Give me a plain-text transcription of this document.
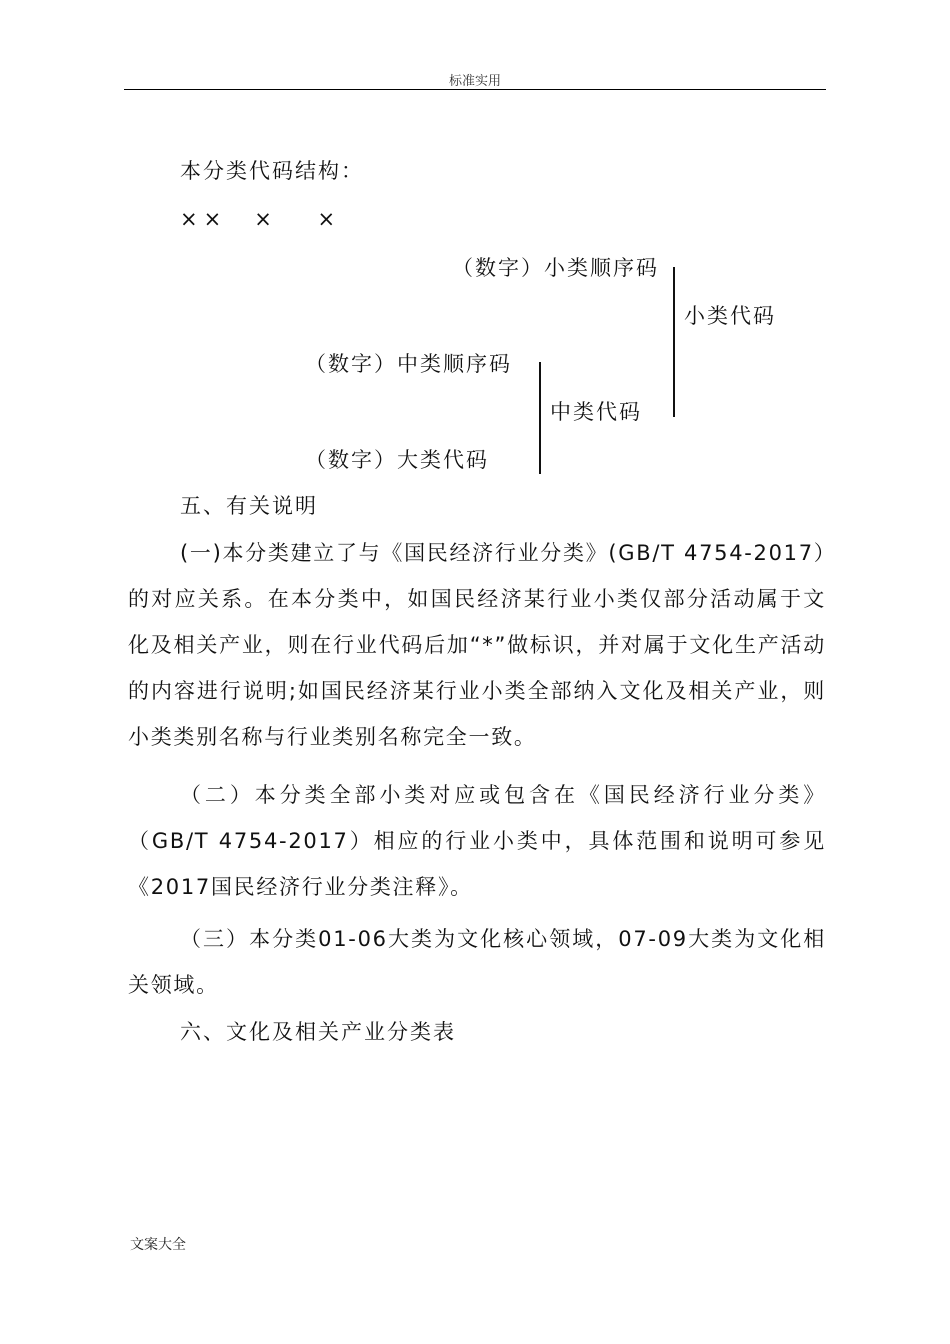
标准实用
本分类代码结构：
××　×　 ×
（数字）小类顺序码
小类代码
（数字）中类顺序码
中类代码
（数字）大类代码
五、有关说明
(一)本分类建立了与《国民经济行业分类》(GB/T 4754-2017）的对应关系。在本分类中，如国民经济某行业小类仅部分活动属于文化及相关产业，则在行业代码后加“*”做标识，并对属于文化生产活动的内容进行说明;如国民经济某行业小类全部纳入文化及相关产业，则小类类别名称与行业类别名称完全一致。
（二）本分类全部小类对应或包含在《国民经济行业分类》（GB/T 4754-2017）相应的行业小类中，具体范围和说明可参见《2017国民经济行业分类注释》。
（三）本分类01-06大类为文化核心领域，07-09大类为文化相关领域。
六、文化及相关产业分类表
文案大全
